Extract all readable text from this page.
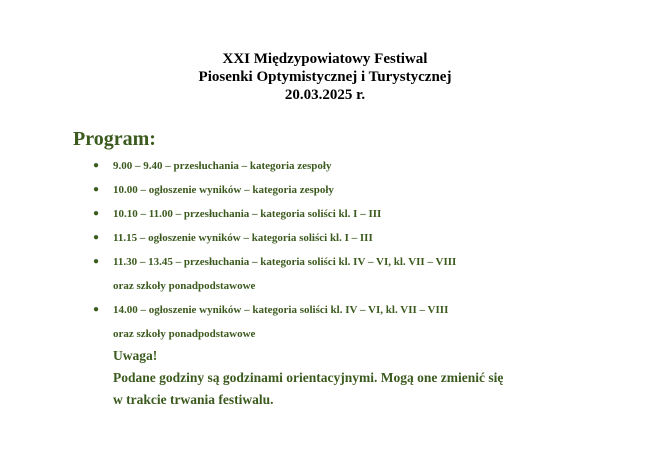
XXI Międzypowiatowy Festiwal
Piosenki Optymistycznej i Turystycznej
20.03.2025 r.
Program:
● 9.00 – 9.40 – przesłuchania – kategoria zespoły
● 10.00 – ogłoszenie wyników – kategoria zespoły
● 10.10 – 11.00 – przesłuchania – kategoria soliści kl. I – III
● 11.15 – ogłoszenie wyników – kategoria soliści kl. I – III
● 11.30 – 13.45 – przesłuchania – kategoria soliści kl. IV – VI, kl. VII – VIII
oraz szkoły ponadpodstawowe
● 14.00 – ogłoszenie wyników – kategoria soliści kl. IV – VI, kl. VII – VIII
oraz szkoły ponadpodstawowe
Uwaga!
Podane godziny są godzinami orientacyjnymi. Mogą one zmienić się
w trakcie trwania festiwalu.
